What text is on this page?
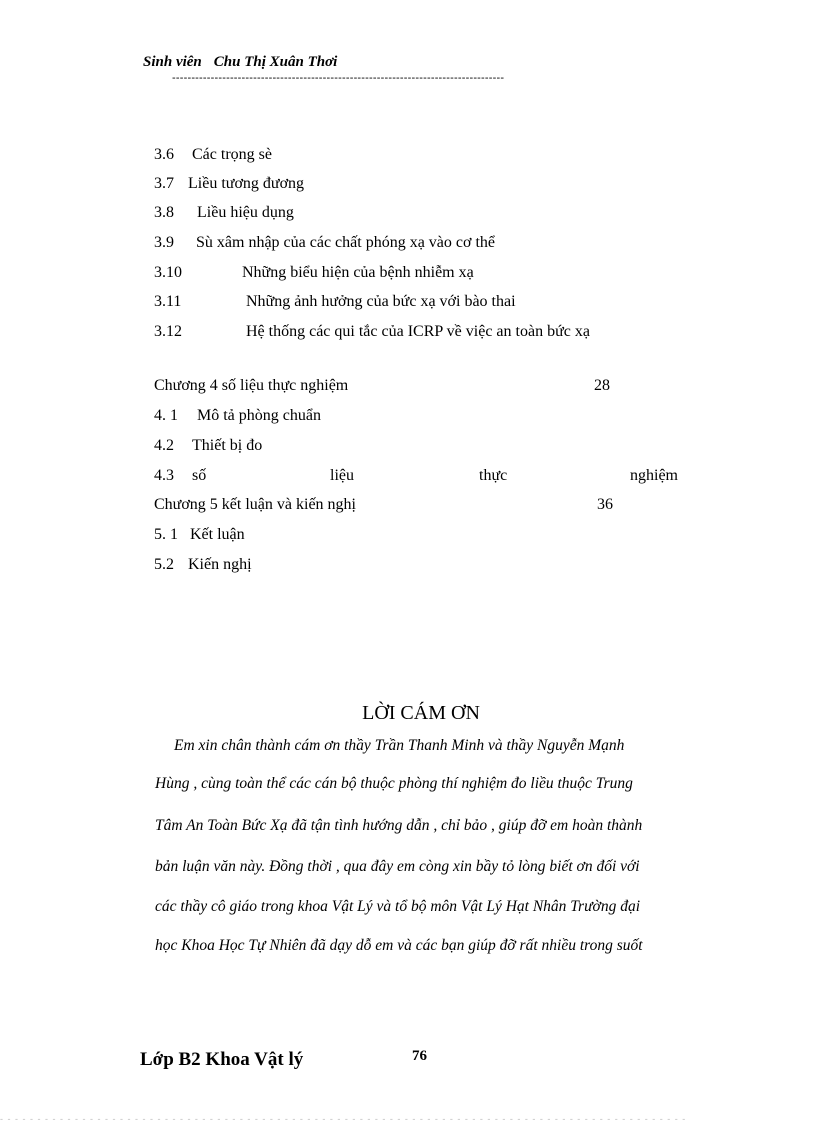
Sinh viên Chu Thị Xuân Thơi
--------------------------------------------------------------------------------------
3.6 Các trọng sè
3.7 Liều tương đương
3.8 Liều hiệu dụng
3.9 Sù xâm nhập của các chất phóng xạ vào cơ thể
3.10	Những biểu hiện của bệnh nhiễm xạ
3.11	Những ảnh hưởng của bức xạ với bào thai
3.12	Hệ thống các qui tắc của ICRP về việc an toàn bức xạ
Chương 4 số liệu thực nghiệm	28
4. 1 Mô tả phòng chuẩn
4.2 Thiết bị đo
4.3 số	liệu	thực	nghiệm
Chương 5 kết luận và kiến nghị	36
5. 1 Kết luận
5.2 Kiến nghị
LỜI CÁM ƠN
Em xin chân thành cám ơn thầy Trần Thanh Minh và thầy Nguyễn Mạnh
Hùng , cùng toàn thể các cán bộ thuộc phòng thí nghiệm đo liều thuộc Trung
Tâm An Toàn Bức Xạ đã tận tình hướng dẫn , chỉ bảo , giúp đỡ em hoàn thành
bản luận văn này. Đồng thời , qua đây em còng xin bầy tỏ lòng biết ơn đối với
các thầy cô giáo trong khoa Vật Lý và tổ bộ môn Vật Lý Hạt Nhân Trường đại
học Khoa Học Tự Nhiên đã dạy dỗ em và các bạn giúp đỡ rất nhiều trong suốt
Lớp B2 Khoa Vật lý	76
- - - - - - - - - - - - - - - - - - - - - - - - - - - - - - - - - - - - - - - - - - - - - - - - - - - - - - - - - - - - - - - - - - - - - - - - - - - - - - - - - - - - - - - - - - - -
